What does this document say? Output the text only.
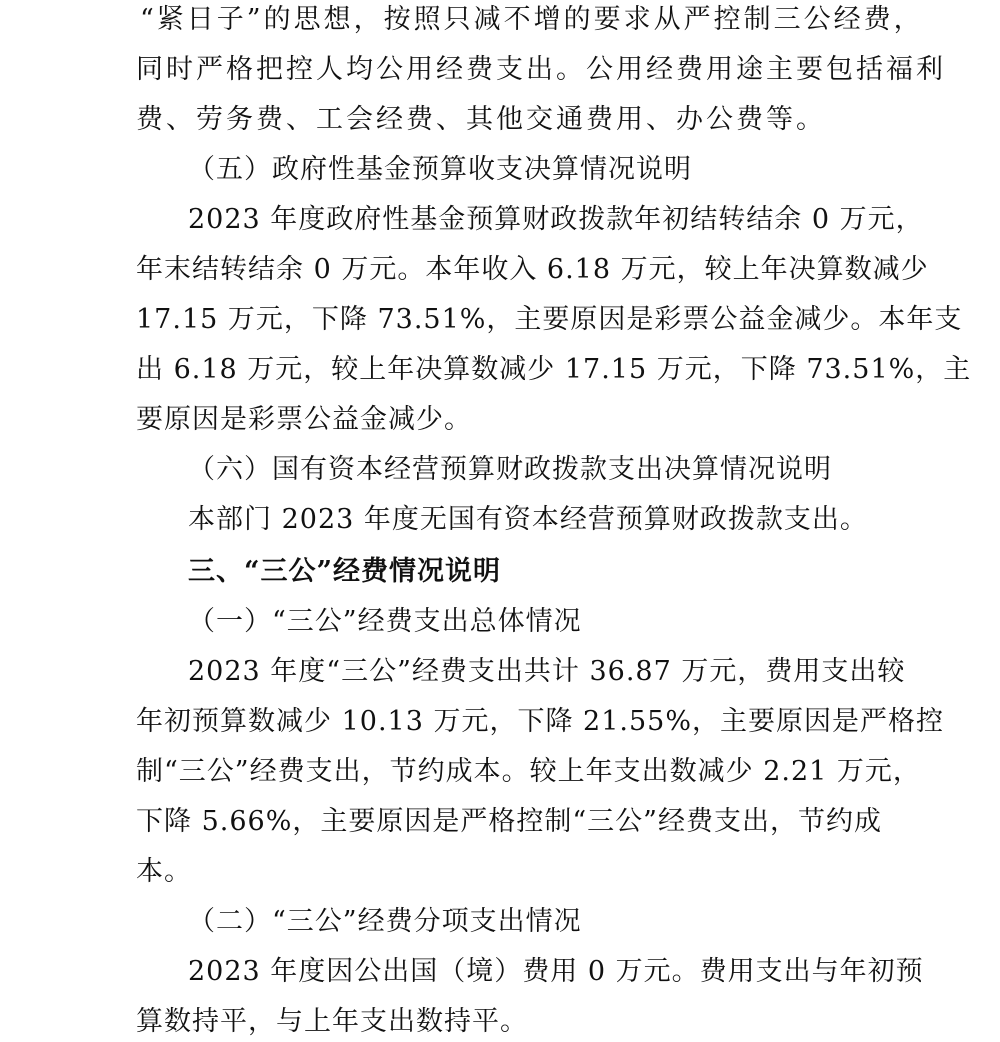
“紧日子”的思想，按照只减不增的要求从严控制三公经费，
同时严格把控人均公用经费支出。公用经费用途主要包括福利
费、劳务费、工会经费、其他交通费用、办公费等。
（五）政府性基金预算收支决算情况说明
2023 年度政府性基金预算财政拨款年初结转结余 0 万元，
年末结转结余 0 万元。本年收入 6.18 万元，较上年决算数减少
17.15 万元，下降 73.51%，主要原因是彩票公益金减少。本年支
出 6.18 万元，较上年决算数减少 17.15 万元，下降 73.51%，主
要原因是彩票公益金减少。
（六）国有资本经营预算财政拨款支出决算情况说明
本部门 2023 年度无国有资本经营预算财政拨款支出。
三、“三公”经费情况说明
（一）“三公”经费支出总体情况
2023 年度“三公”经费支出共计 36.87 万元，费用支出较
年初预算数减少 10.13 万元，下降 21.55%，主要原因是严格控
制“三公”经费支出，节约成本。较上年支出数减少 2.21 万元，
下降 5.66%，主要原因是严格控制“三公”经费支出，节约成
本。
（二）“三公”经费分项支出情况
2023 年度因公出国（境）费用 0 万元。费用支出与年初预
算数持平，与上年支出数持平。
